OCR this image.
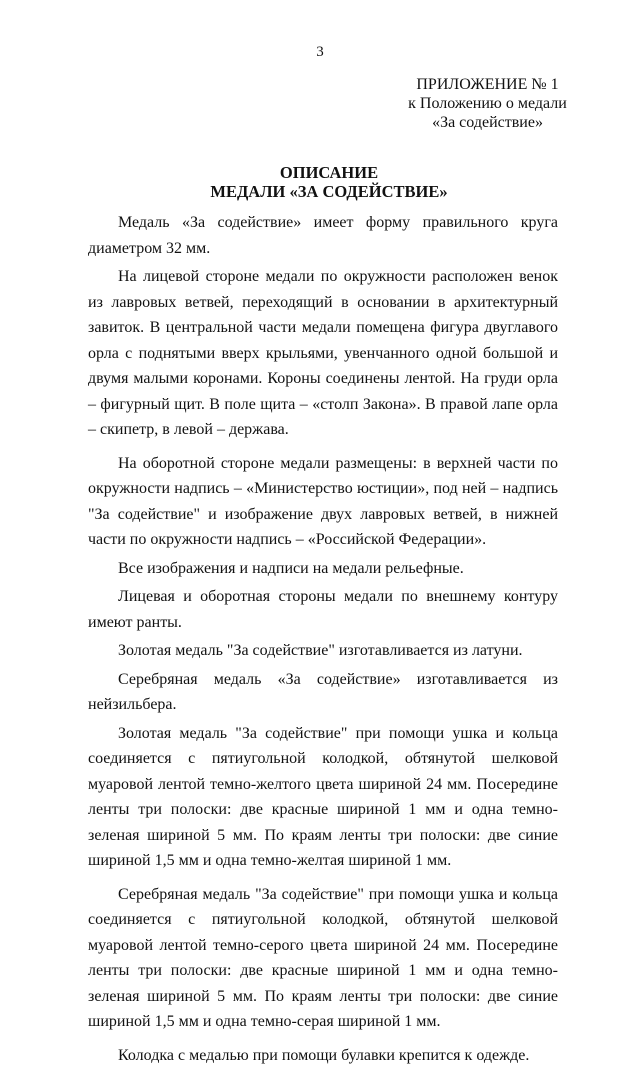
3
ПРИЛОЖЕНИЕ № 1
к Положению о медали
«За содействие»
ОПИСАНИЕ
МЕДАЛИ «ЗА СОДЕЙСТВИЕ»

Медаль «За содействие» имеет форму правильного круга диаметром 32 мм.

На лицевой стороне медали по окружности расположен венок из лавровых ветвей, переходящий в основании в архитектурный завиток. В центральной части медали помещена фигура двуглавого орла с поднятыми вверх крыльями, увенчанного одной большой и двумя малыми коронами. Короны соединены лентой. На груди орла – фигурный щит. В поле щита – «столп Закона». В правой лапе орла – скипетр, в левой – держава.

На оборотной стороне медали размещены: в верхней части по окружности надпись – «Министерство юстиции», под ней – надпись "За содействие" и изображение двух лавровых ветвей, в нижней части по окружности надпись – «Российской Федерации».

Все изображения и надписи на медали рельефные.

Лицевая и оборотная стороны медали по внешнему контуру имеют ранты.

Золотая медаль "За содействие" изготавливается из латуни.

Серебряная медаль «За содействие» изготавливается из нейзильбера.

Золотая медаль "За содействие" при помощи ушка и кольца соединяется с пятиугольной колодкой, обтянутой шелковой муаровой лентой темно-желтого цвета шириной 24 мм. Посередине ленты три полоски: две красные шириной 1 мм и одна темно-зеленая шириной 5 мм. По краям ленты три полоски: две синие шириной 1,5 мм и одна темно-желтая шириной 1 мм.

Серебряная медаль "За содействие" при помощи ушка и кольца соединяется с пятиугольной колодкой, обтянутой шелковой муаровой лентой темно-серого цвета шириной 24 мм. Посередине ленты три полоски: две красные шириной 1 мм и одна темно-зеленая шириной 5 мм. По краям ленты три полоски: две синие шириной 1,5 мм и одна темно-серая шириной 1 мм.

Колодка с медалью при помощи булавки крепится к одежде.
